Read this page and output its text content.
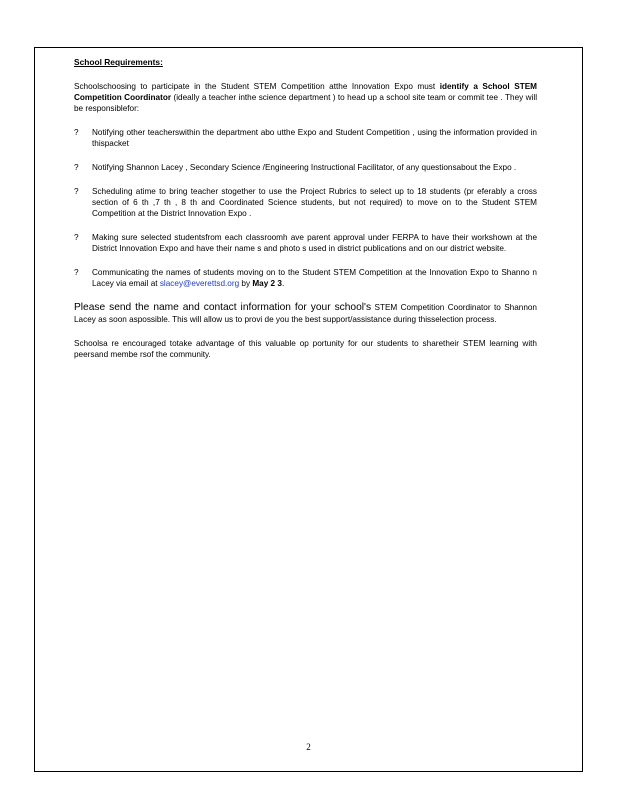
School Requirements:

Schoolschoosing to participate in the Student STEM Competition atthe Innovation Expo must identify a School STEM Competition Coordinator (ideally a teacher inthe science department ) to head up a school site team or commit tee . They will be responsiblefor:

?	Notifying other teacherswithin the department abo utthe Expo and Student Competition , using the information provided in thispacket
?	Notifying Shannon Lacey , Secondary Science /Engineering Instructional Facilitator, of any questionsabout the Expo .
?	Scheduling atime to bring teacher stogether to use the Project Rubrics to select up to 18 students (pr eferably a cross section of 6 th ,7 th , 8 th and Coordinated Science students, but not required) to move on to the Student STEM Competition at the District Innovation Expo .
?	Making sure selected studentsfrom each classroomh ave parent approval under FERPA to have their workshown at the District Innovation Expo and have their name s and photo s used in district publications and on our district website.
?	Communicating the names of students moving on to the Student STEM Competition at the Innovation Expo to Shanno n Lacey via email at slacey@everettsd.org by May 2 3.

Please send the name and contact information for your school's STEM Competition Coordinator to Shannon Lacey as soon aspossible. This will allow us to provi de you the best support/assistance during thisselection process.

Schoolsa re encouraged totake advantage of this valuable op portunity for our students to sharetheir STEM learning with peersand membe rsof the community.

2
